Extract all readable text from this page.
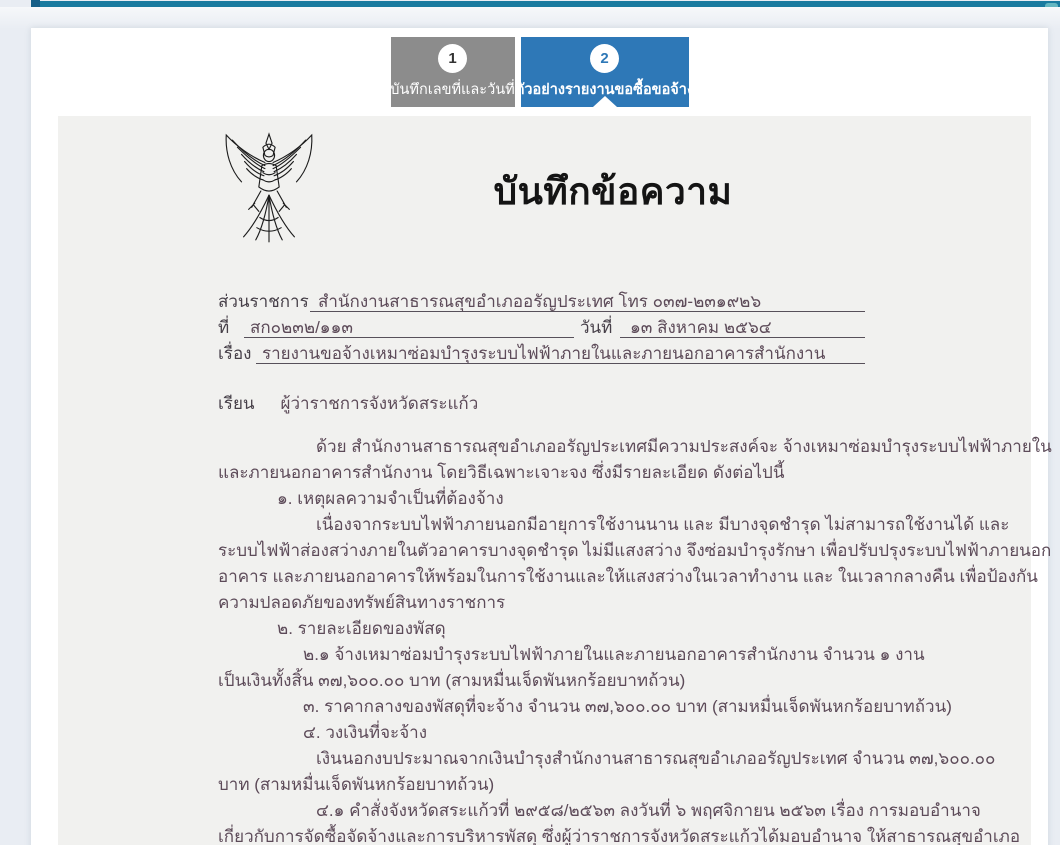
1
บันทึกเลขที่และวันที่
2
ตัวอย่างรายงานขอซื้อขอจ้าง
บันทึกข้อความ
ส่วนราชการ สำนักงานสาธารณสุขอำเภออรัญประเทศ โทร ๐๓๗-๒๓๑๙๒๖
ที่ สก๐๒๓๒/๑๑๓	วันที่ ๑๓ สิงหาคม ๒๕๖๔
เรื่อง รายงานขอจ้างเหมาซ่อมบำรุงระบบไฟฟ้าภายในและภายนอกอาคารสำนักงาน
เรียน ผู้ว่าราชการจังหวัดสระแก้ว
ด้วย สำนักงานสาธารณสุขอำเภออรัญประเทศมีความประสงค์จะ จ้างเหมาซ่อมบำรุงระบบไฟฟ้าภายใน
และภายนอกอาคารสำนักงาน โดยวิธีเฉพาะเจาะจง ซึ่งมีรายละเอียด ดังต่อไปนี้
๑. เหตุผลความจำเป็นที่ต้องจ้าง
เนื่องจากระบบไฟฟ้าภายนอกมีอายุการใช้งานนาน และ มีบางจุดชำรุด ไม่สามารถใช้งานได้ และ
ระบบไฟฟ้าส่องสว่างภายในตัวอาคารบางจุดชำรุด ไม่มีแสงสว่าง จึงซ่อมบำรุงรักษา เพื่อปรับปรุงระบบไฟฟ้าภายนอก
อาคาร และภายนอกอาคารให้พร้อมในการใช้งานและให้แสงสว่างในเวลาทำงาน และ ในเวลากลางคืน เพื่อป้องกัน
ความปลอดภัยของทรัพย์สินทางราชการ
๒. รายละเอียดของพัสดุ
๒.๑ จ้างเหมาซ่อมบำรุงระบบไฟฟ้าภายในและภายนอกอาคารสำนักงาน จำนวน ๑ งาน
เป็นเงินทั้งสิ้น ๓๗,๖๐๐.๐๐ บาท (สามหมื่นเจ็ดพันหกร้อยบาทถ้วน)
๓. ราคากลางของพัสดุที่จะจ้าง จำนวน ๓๗,๖๐๐.๐๐ บาท (สามหมื่นเจ็ดพันหกร้อยบาทถ้วน)
๔. วงเงินที่จะจ้าง
เงินนอกงบประมาณจากเงินบำรุงสำนักงานสาธารณสุขอำเภออรัญประเทศ จำนวน ๓๗,๖๐๐.๐๐
บาท (สามหมื่นเจ็ดพันหกร้อยบาทถ้วน)
๔.๑ คำสั่งจังหวัดสระแก้วที่ ๒๙๕๘/๒๕๖๓ ลงวันที่ ๖ พฤศจิกายน ๒๕๖๓ เรื่อง การมอบอำนาจ
เกี่ยวกับการจัดซื้อจัดจ้างและการบริหารพัสดุ ซึ่งผู้ว่าราชการจังหวัดสระแก้วได้มอบอำนาจ ให้สาธารณสุขอำเภอ
